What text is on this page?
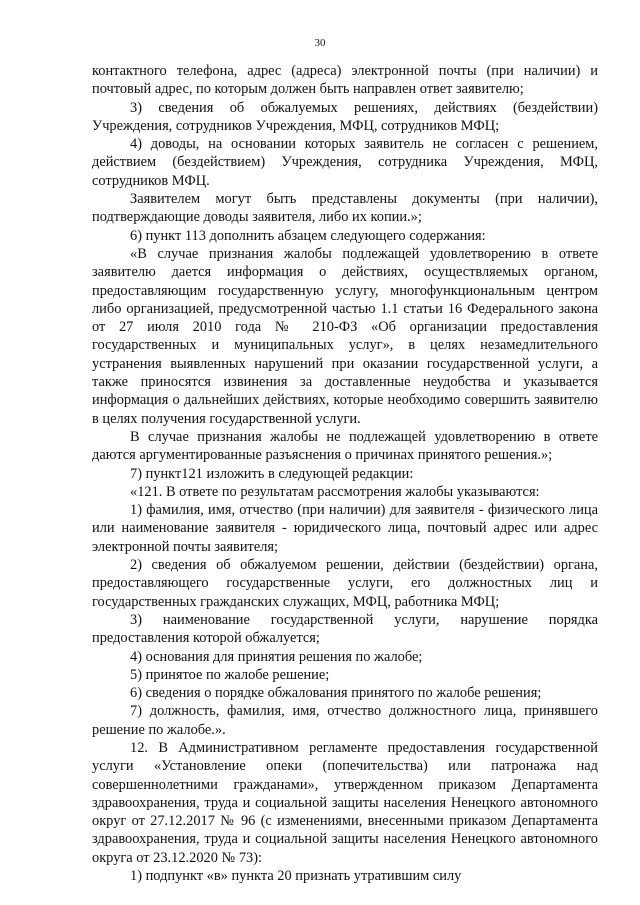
30

контактного телефона, адрес (адреса) электронной почты (при наличии) и почтовый адрес, по которым должен быть направлен ответ заявителю;

3) сведения об обжалуемых решениях, действиях (бездействии) Учреждения, сотрудников Учреждения, МФЦ, сотрудников МФЦ;

4) доводы, на основании которых заявитель не согласен с решением, действием (бездействием) Учреждения, сотрудника Учреждения, МФЦ, сотрудников МФЦ.

Заявителем могут быть представлены документы (при наличии), подтверждающие доводы заявителя, либо их копии.»;

6) пункт 113 дополнить абзацем следующего содержания:

«В случае признания жалобы подлежащей удовлетворению в ответе заявителю дается информация о действиях, осуществляемых органом, предоставляющим государственную услугу, многофункциональным центром либо организацией, предусмотренной частью 1.1 статьи 16 Федерального закона от 27 июля 2010 года № 210-ФЗ «Об организации предоставления государственных и муниципальных услуг», в целях незамедлительного устранения выявленных нарушений при оказании государственной услуги, а также приносятся извинения за доставленные неудобства и указывается информация о дальнейших действиях, которые необходимо совершить заявителю в целях получения государственной услуги.

В случае признания жалобы не подлежащей удовлетворению в ответе даются аргументированные разъяснения о причинах принятого решения.»;

7) пункт121 изложить в следующей редакции:

«121. В ответе по результатам рассмотрения жалобы указываются:

1) фамилия, имя, отчество (при наличии) для заявителя - физического лица или наименование заявителя - юридического лица, почтовый адрес или адрес электронной почты заявителя;

2) сведения об обжалуемом решении, действии (бездействии) органа, предоставляющего государственные услуги, его должностных лиц и государственных гражданских служащих, МФЦ, работника МФЦ;

3) наименование государственной услуги, нарушение порядка предоставления которой обжалуется;

4) основания для принятия решения по жалобе;

5) принятое по жалобе решение;

6) сведения о порядке обжалования принятого по жалобе решения;

7) должность, фамилия, имя, отчество должностного лица, принявшего решение по жалобе.».

12. В Административном регламенте предоставления государственной услуги «Установление опеки (попечительства) или патронажа над совершеннолетними гражданами», утвержденном приказом Департамента здравоохранения, труда и социальной защиты населения Ненецкого автономного округ от 27.12.2017 № 96 (с изменениями, внесенными приказом Департамента здравоохранения, труда и социальной защиты населения Ненецкого автономного округа от 23.12.2020 № 73):

1) подпункт «в» пункта 20 признать утратившим силу
